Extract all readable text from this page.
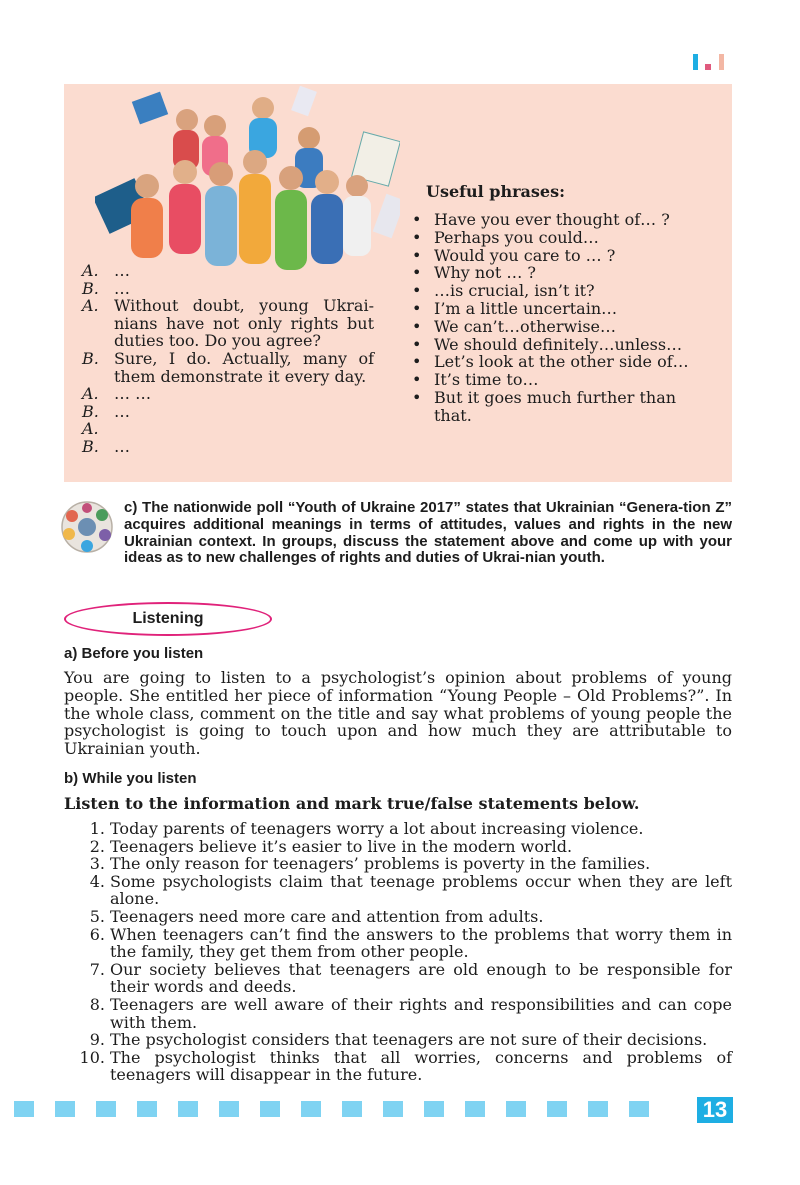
A. …
B. …
A. Without doubt, young Ukrai-nians have not only rights but duties too. Do you agree?
B. Sure, I do. Actually, many of them demonstrate it every day.
A. … …
B. …
A.
B. …
Useful phrases:
• Have you ever thought of… ?
• Perhaps you could…
• Would you care to … ?
• Why not … ?
• …is crucial, isn’t it?
• I’m a little uncertain…
• We can’t…otherwise…
• We should definitely…unless…
• Let’s look at the other side of…
• It’s time to…
• But it goes much further than that.
c) The nationwide poll “Youth of Ukraine 2017” states that Ukrainian “Genera-tion Z” acquires additional meanings in terms of attitudes, values and rights in the new Ukrainian context. In groups, discuss the statement above and come up with your ideas as to new challenges of rights and duties of Ukrai-nian youth.
Listening
a) Before you listen
You are going to listen to a psychologist’s opinion about problems of young people. She entitled her piece of information “Young People – Old Problems?”. In the whole class, comment on the title and say what problems of young people the psychologist is going to touch upon and how much they are attributable to Ukrainian youth.
b) While you listen
Listen to the information and mark true/false statements below.
1. Today parents of teenagers worry a lot about increasing violence.
2. Teenagers believe it’s easier to live in the modern world.
3. The only reason for teenagers’ problems is poverty in the families.
4. Some psychologists claim that teenage problems occur when they are left alone.
5. Teenagers need more care and attention from adults.
6. When teenagers can’t find the answers to the problems that worry them in the family, they get them from other people.
7. Our society believes that teenagers are old enough to be responsible for their words and deeds.
8. Teenagers are well aware of their rights and responsibilities and can cope with them.
9. The psychologist considers that teenagers are not sure of their decisions.
10. The psychologist thinks that all worries, concerns and problems of teenagers will disappear in the future.
13
